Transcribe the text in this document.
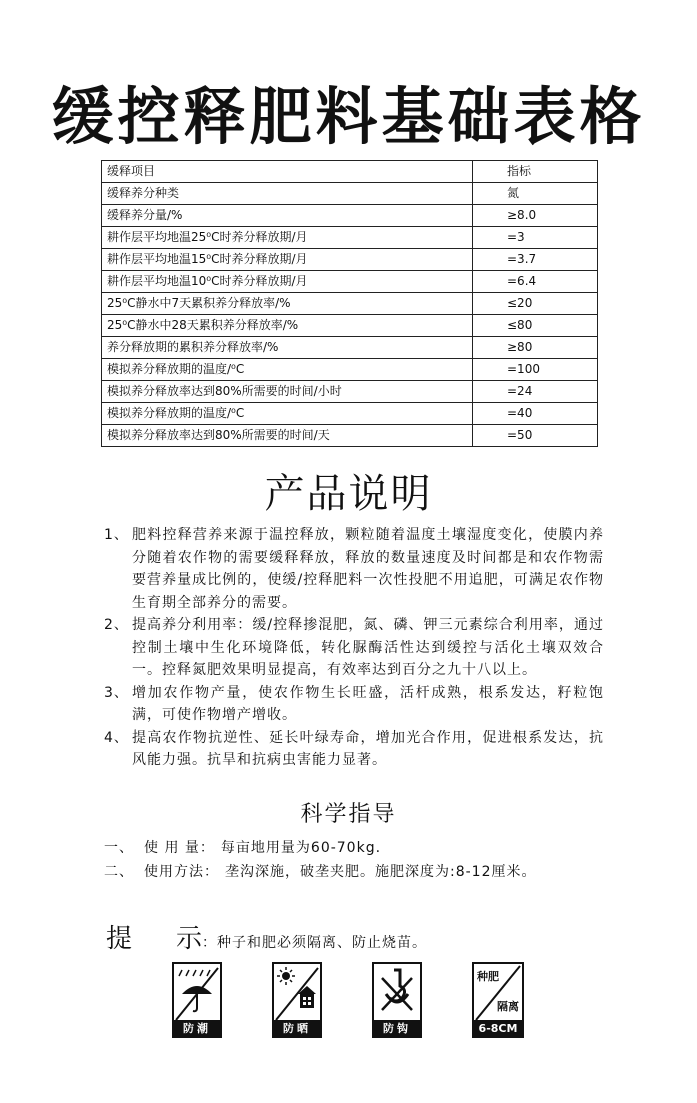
缓控释肥料基础表格
缓释项目	指标
缓释养分种类	氮
缓释养分量/%	≥8.0
耕作层平均地温25⁰C时养分释放期/月	=3
耕作层平均地温15⁰C时养分释放期/月	=3.7
耕作层平均地温10⁰C时养分释放期/月	=6.4
25⁰C静水中7天累积养分释放率/%	≤20
25⁰C静水中28天累积养分释放率/%	≤80
养分释放期的累积养分释放率/%	≥80
模拟养分释放期的温度/⁰C	=100
模拟养分释放率达到80%所需要的时间/小时	=24
模拟养分释放期的温度/⁰C	=40
模拟养分释放率达到80%所需要的时间/天	=50
产品说明
1、 肥料控释营养来源于温控释放，颗粒随着温度土壤湿度变化，使膜内养分随着农作物的需要缓释释放，释放的数量速度及时间都是和农作物需要营养量成比例的，使缓/控释肥料一次性投肥不用追肥，可满足农作物生育期全部养分的需要。
2、 提高养分利用率：缓/控释掺混肥，氮、磷、钾三元素综合利用率，通过控制土壤中生化环境降低，转化脲酶活性达到缓控与活化土壤双效合一。控释氮肥效果明显提高，有效率达到百分之九十八以上。
3、 增加农作物产量，使农作物生长旺盛，活杆成熟，根系发达，籽粒饱满，可使作物增产增收。
4、 提高农作物抗逆性、延长叶绿寿命，增加光合作用，促进根系发达，抗风能力强。抗旱和抗病虫害能力显著。
科学指导
一、 使 用 量： 每亩地用量为60-70kg.
二、 使用方法： 垄沟深施，破垄夹肥。施肥深度为:8-12厘米。
提 示 ：种子和肥必须隔离、防止烧苗。
防潮	防晒	防钩
种肥
隔离
6-8CM
